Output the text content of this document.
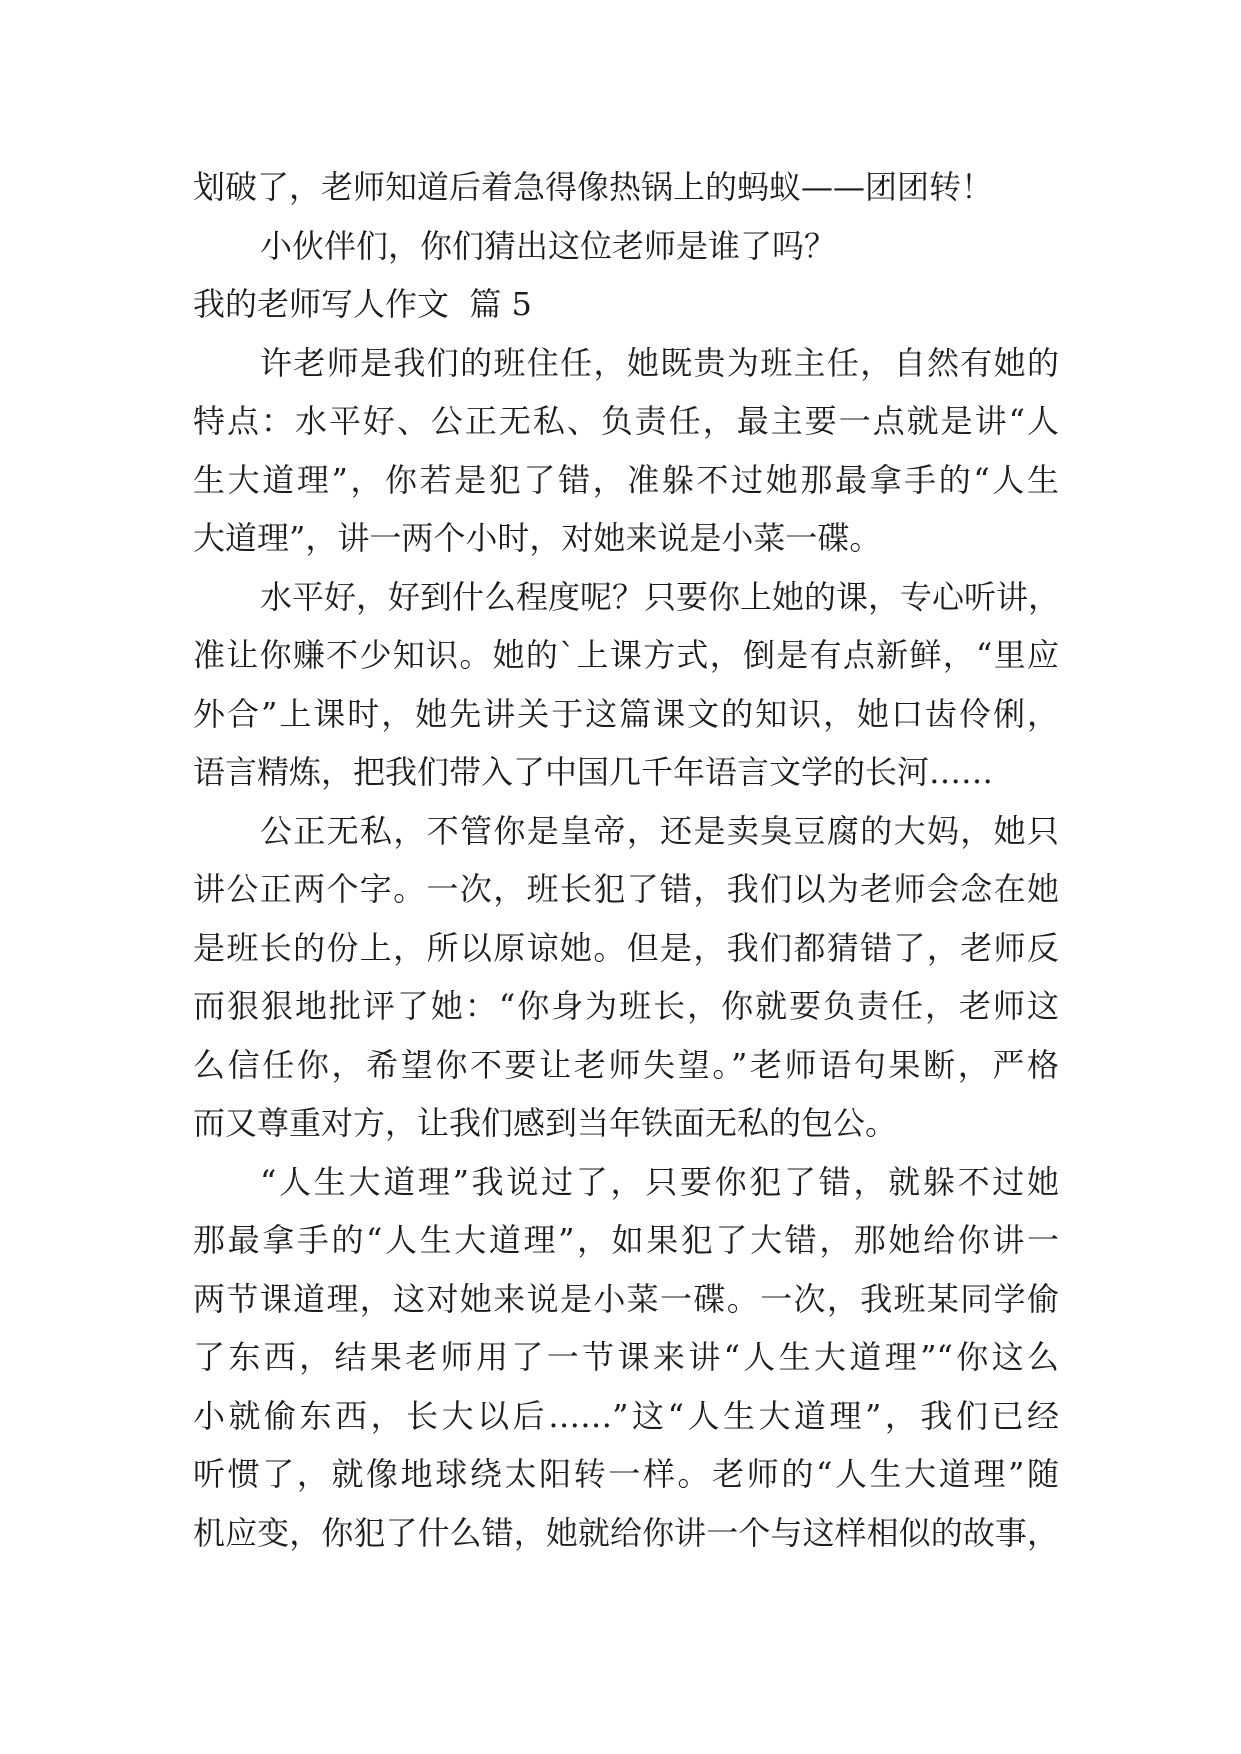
划破了，老师知道后着急得像热锅上的蚂蚁——团团转！
小伙伴们，你们猜出这位老师是谁了吗？
我的老师写人作文  篇 5
许老师是我们的班住任，她既贵为班主任，自然有她的
特点：水平好、公正无私、负责任，最主要一点就是讲“人
生大道理”，你若是犯了错，准躲不过她那最拿手的“人生
大道理”，讲一两个小时，对她来说是小菜一碟。
水平好，好到什么程度呢？只要你上她的课，专心听讲，
准让你赚不少知识。她的`上课方式，倒是有点新鲜，“里应
外合”上课时，她先讲关于这篇课文的知识，她口齿伶俐，
语言精炼，把我们带入了中国几千年语言文学的长河……
公正无私，不管你是皇帝，还是卖臭豆腐的大妈，她只
讲公正两个字。一次，班长犯了错，我们以为老师会念在她
是班长的份上，所以原谅她。但是，我们都猜错了，老师反
而狠狠地批评了她：“你身为班长，你就要负责任，老师这
么信任你，希望你不要让老师失望。”老师语句果断，严格
而又尊重对方，让我们感到当年铁面无私的包公。
“人生大道理”我说过了，只要你犯了错，就躲不过她
那最拿手的“人生大道理”，如果犯了大错，那她给你讲一
两节课道理，这对她来说是小菜一碟。一次，我班某同学偷
了东西，结果老师用了一节课来讲“人生大道理”“你这么
小就偷东西，长大以后……”这“人生大道理”，我们已经
听惯了，就像地球绕太阳转一样。老师的“人生大道理”随
机应变，你犯了什么错，她就给你讲一个与这样相似的故事，
